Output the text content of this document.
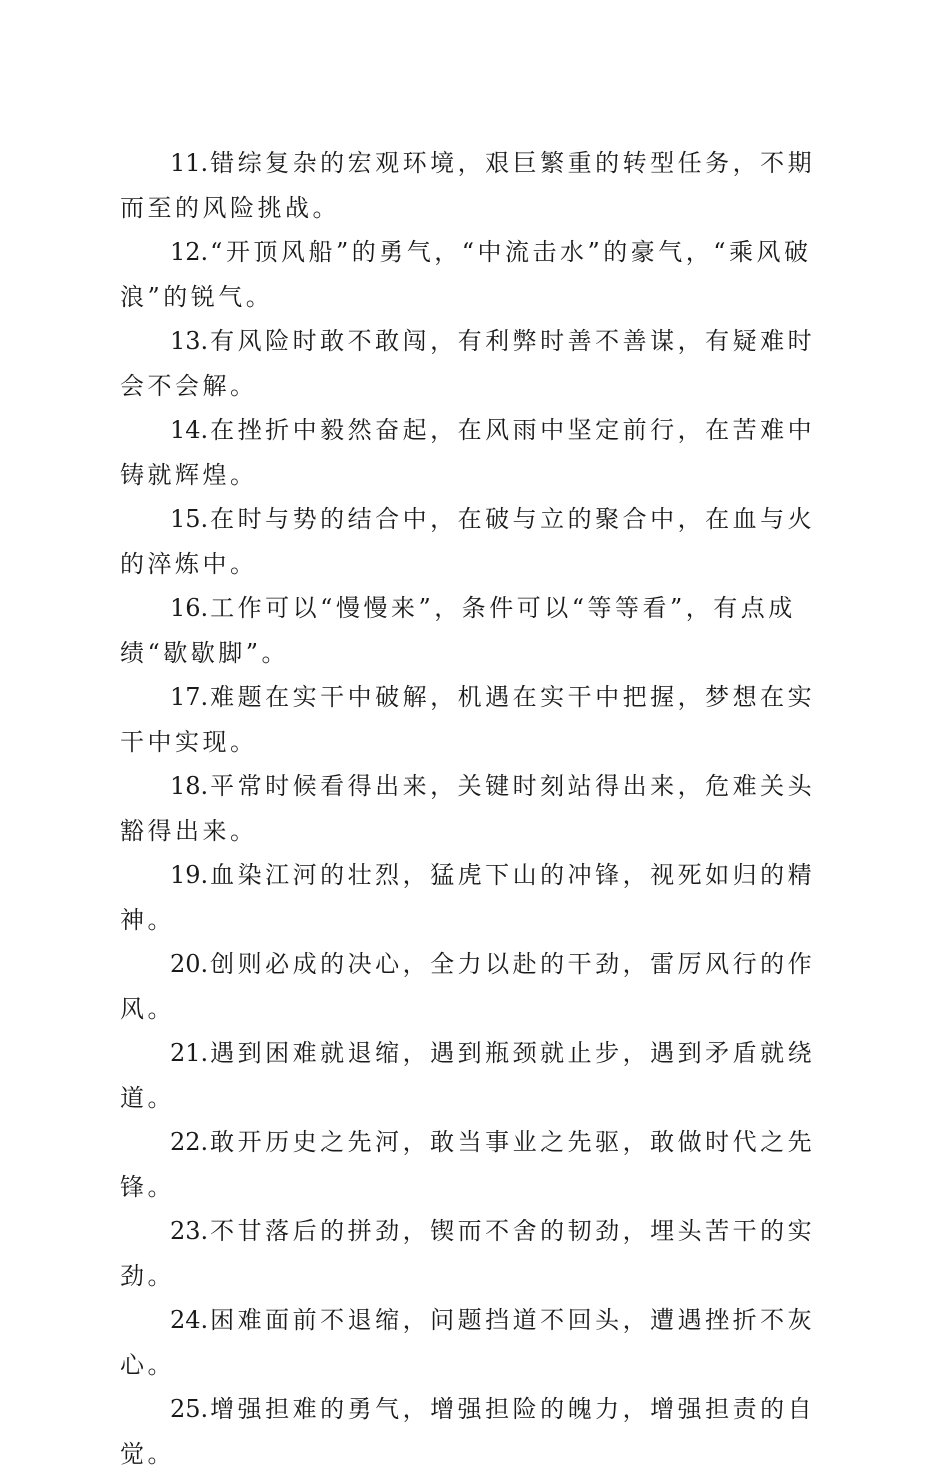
11.错综复杂的宏观环境，艰巨繁重的转型任务，不期而至的风险挑战。

12.“开顶风船”的勇气，“中流击水”的豪气，“乘风破浪”的锐气。

13.有风险时敢不敢闯，有利弊时善不善谋，有疑难时会不会解。

14.在挫折中毅然奋起，在风雨中坚定前行，在苦难中铸就辉煌。

15.在时与势的结合中，在破与立的聚合中，在血与火的淬炼中。

16.工作可以“慢慢来”，条件可以“等等看”，有点成绩“歇歇脚”。

17.难题在实干中破解，机遇在实干中把握，梦想在实干中实现。

18.平常时候看得出来，关键时刻站得出来，危难关头豁得出来。

19.血染江河的壮烈，猛虎下山的冲锋，视死如归的精神。

20.创则必成的决心，全力以赴的干劲，雷厉风行的作风。

21.遇到困难就退缩，遇到瓶颈就止步，遇到矛盾就绕道。

22.敢开历史之先河，敢当事业之先驱，敢做时代之先锋。

23.不甘落后的拼劲，锲而不舍的韧劲，埋头苦干的实劲。

24.困难面前不退缩，问题挡道不回头，遭遇挫折不灰心。

25.增强担难的勇气，增强担险的魄力，增强担责的自觉。
